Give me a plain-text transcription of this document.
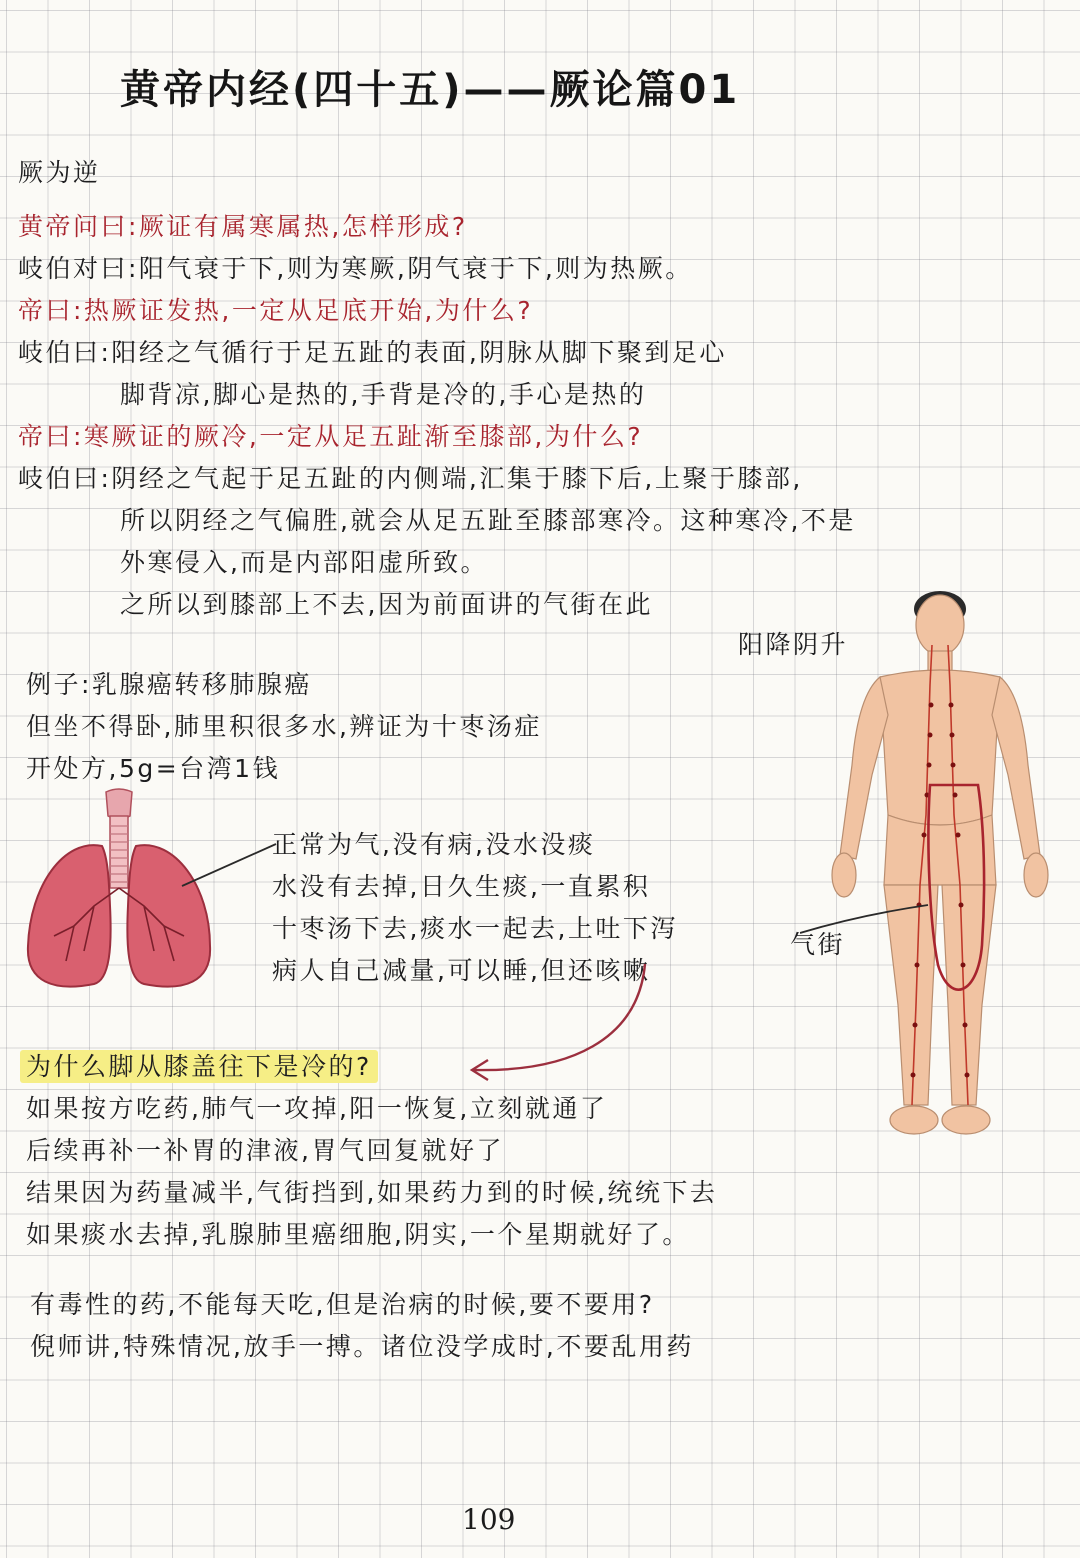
黄帝内经(四十五)——厥论篇01
厥为逆
黄帝问曰:厥证有属寒属热,怎样形成?
岐伯对曰:阳气衰于下,则为寒厥,阴气衰于下,则为热厥。
帝曰:热厥证发热,一定从足底开始,为什么?
岐伯曰:阳经之气循行于足五趾的表面,阴脉从脚下聚到足心
脚背凉,脚心是热的,手背是冷的,手心是热的
帝曰:寒厥证的厥冷,一定从足五趾渐至膝部,为什么?
岐伯曰:阴经之气起于足五趾的内侧端,汇集于膝下后,上聚于膝部,
所以阴经之气偏胜,就会从足五趾至膝部寒冷。这种寒冷,不是
外寒侵入,而是内部阳虚所致。
之所以到膝部上不去,因为前面讲的气街在此
阳降阴升
例子:乳腺癌转移肺腺癌
但坐不得卧,肺里积很多水,辨证为十枣汤症
开处方,5g=台湾1钱
正常为气,没有病,没水没痰
水没有去掉,日久生痰,一直累积
十枣汤下去,痰水一起去,上吐下泻
病人自己减量,可以睡,但还咳嗽
气街
为什么脚从膝盖往下是冷的?
如果按方吃药,肺气一攻掉,阳一恢复,立刻就通了
后续再补一补胃的津液,胃气回复就好了
结果因为药量减半,气街挡到,如果药力到的时候,统统下去
如果痰水去掉,乳腺肺里癌细胞,阴实,一个星期就好了。
有毒性的药,不能每天吃,但是治病的时候,要不要用?
倪师讲,特殊情况,放手一搏。诸位没学成时,不要乱用药
109
